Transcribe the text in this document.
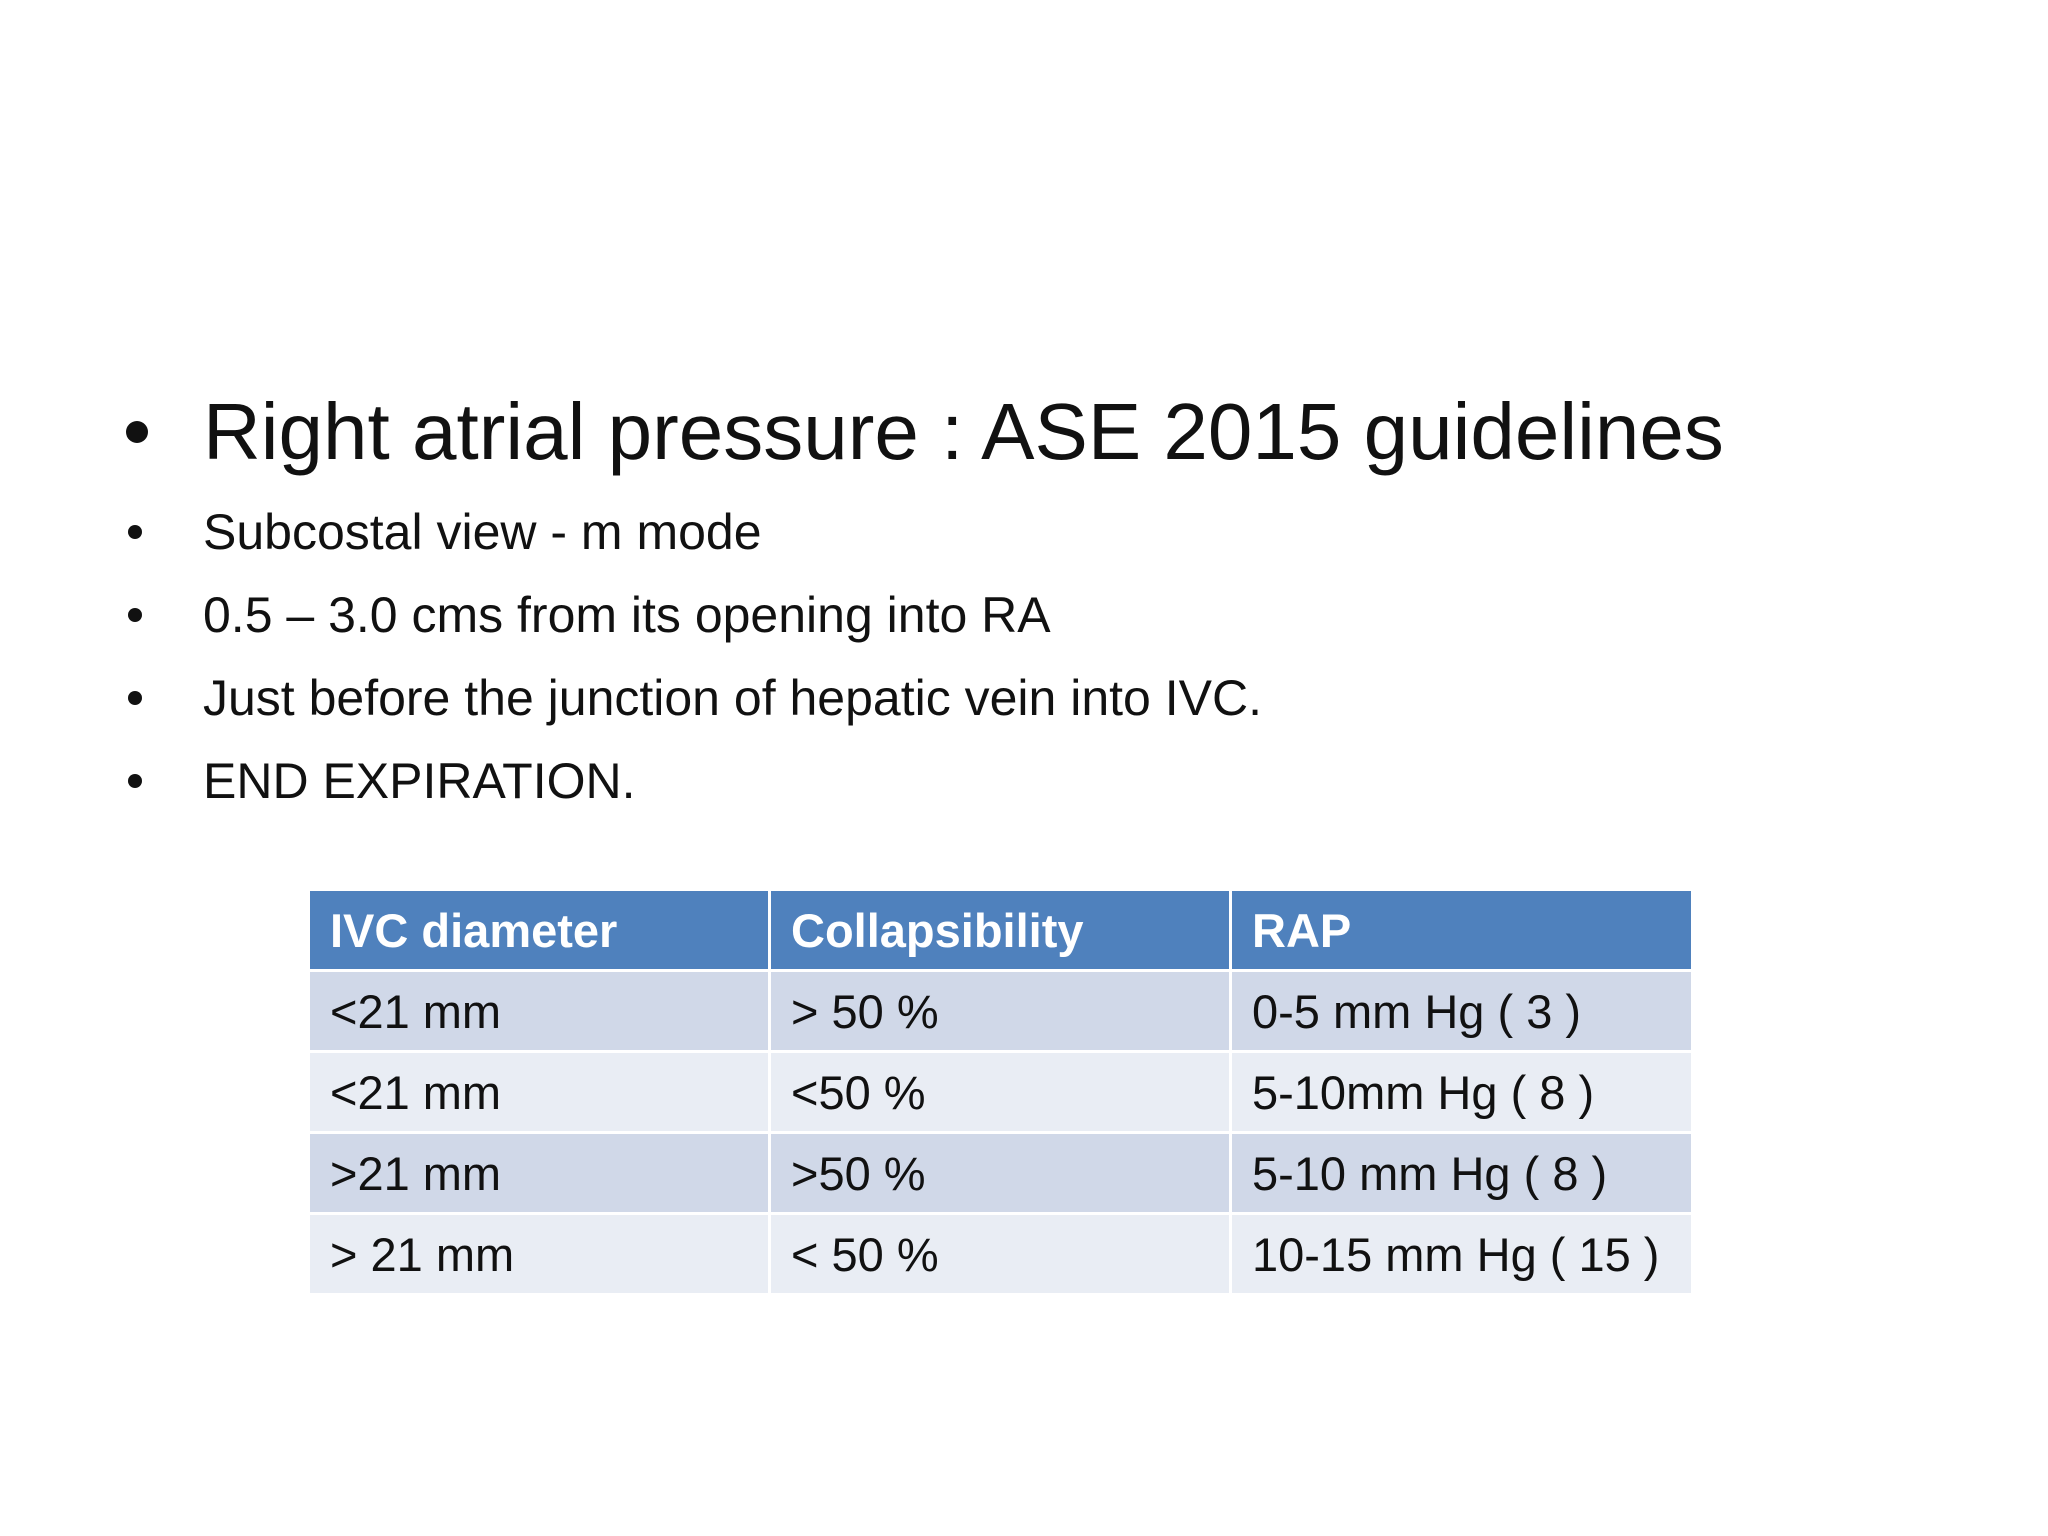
Right atrial pressure : ASE 2015 guidelines
Subcostal view - m mode
0.5 – 3.0 cms from its opening into RA
Just before the junction of hepatic vein into IVC.
END EXPIRATION.
IVC diameter	Collapsibility	RAP
<21 mm	> 50 %	0-5 mm Hg ( 3 )
<21 mm	<50 %	5-10mm Hg ( 8 )
>21 mm	>50 %	5-10 mm Hg ( 8 )
> 21 mm	< 50 %	10-15 mm Hg ( 15 )
